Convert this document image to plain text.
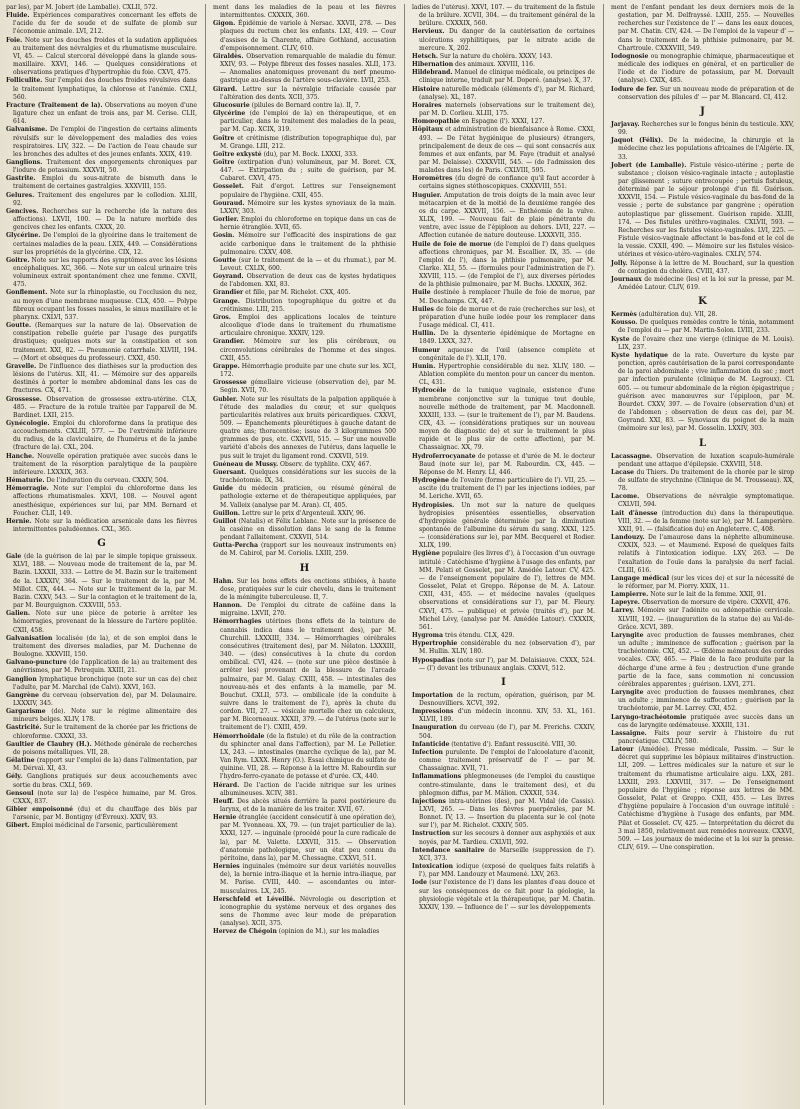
par les), par M. Jobert (de Lamballe). CXLII, 572.

Fluide. Expériences comparatives concernant les effets de l'acide du fer de soude et de sulfate de plomb sur l'économie animale. LVI, 212.

Foie. Note sur les douches froides et la sudation appliquées au traitement des névralgies et du rhumatisme musculaire. VI, 45. — Calcul stercoral développé dans la glande sous-maxillaire. XXVI, 146. — Quelques considérations et observations pratiques d'hypertrophie du foie. CXVI, 475.

Folliculite. Sur l'emploi des douches froides révulsives dans le traitement lymphatique, la chlorose et l'anémie. CXLI, 560.

Fracture (Traitement de la). Observations au moyen d'une ligature chez un enfant de trois ans, par M. Cerise. CLII, 614.

Galvanisme. De l'emploi de l'ingestion de certains aliments révulsifs sur le développement des maladies des voies respiratoires. LIV, 322. — De l'action de l'eau chaude sur les bronches des adultes et des jeunes enfants. XXIX, 419.

Ganglions. Traitement des engorgements chroniques par l'iodure de potassium. XXXVII, 50.

Gastrite. Emploi du sous-nitrate de bismuth dans le traitement de certaines gastralgies. XXXVIII, 155.

Gelures. Traitement des engelures par le collodion. XLIII, 92.

Gencives. Recherches sur la recherche (de la nature des affections). LXVII, 100. — De la nature morbide des gencives chez les enfants. CXXX, 20.

Glycérine. De l'emploi de la glycérine dans le traitement de certaines maladies de la peau. LXIX, 449. — Considérations sur les propriétés de la glycérine. CIX, 12.

Goitre. Note sur les rapports des symptômes avec les lésions encéphaliques. XC, 366. — Note sur un calcul urinaire très volumineux extrait spontanément chez une femme. CXVII, 475.

Gonflement. Note sur la rhinoplastie, ou l'occlusion du nez, au moyen d'une membrane muqueuse. CLX, 450. — Polype fibreux occupant les fosses nasales, le sinus maxillaire et le pharynx. CXLVI, 537.

Goutte. (Remarques sur la nature de la). Observation de constipation rebelle guérie par l'usage des purgatifs drastiques; quelques mots sur la constipation et son traitement. XXI, 82. — Pneumonie catarrhale. XLVIII, 194. — (Mort et obsèques du professeur). CXXI, 450.

Gravelle. De l'influence des diathèses sur la production des lésions de l'utérus. XII, 41. — Mémoire sur des appareils destinés à porter le membre abdominal dans les cas de fractures. CX, 471.

Grossesse. Observation de grossesse extra-utérine. CLX, 485. — Fracture de la rotule traitée par l'appareil de M. Bardinet. LXII, 215.

Gynécologie. Emploi du chloroforme dans la pratique des accouchements. CXLIII, 577. — De l'extrémité inférieure du radius, de la claviculaire, de l'humérus et de la jambe (fracture de la). CXL, 204.

Hanche. Nouvelle opération pratiquée avec succès dans le traitement de la résorption paralytique de la paupière inférieure. LXXXIX, 363.

Hématurie. De l'induration du cerveau. CXXIV, 504.

Hémorragie. Note sur l'emploi du chloroforme dans les affections rhumatismales. XXVI, 108. — Nouvel agent anesthésique, expériences sur lui, par MM. Bernard et Foucher. CLII, 149.

Hernie. Note sur la médication arsenicale dans les fièvres intermittentes paludéennes. CXL, 365.

G

Gale (de la guérison de la) par le simple topique graisseux. XLVI, 188. — Nouveau mode de traitement de la, par M. Bazin. LXXXII, 333. — Lettre de M. Bazin sur le traitement de la. LXXXIV, 364. — Sur le traitement de la, par M. Millot. CIX, 444. — Note sur le traitement de la, par M. Bazin. CXXV, 543. — Sur la contagion et le traitement de la, par M. Bourguignon. CXXVIII, 553.

Galien. Note sur une pièce de poterie à arrêter les hémorragies, provenant de la blessure de l'artère poplitée. CXII, 458.

Galvanisation localisée (de la), et de son emploi dans le traitement des diverses maladies, par M. Duchenne de Boulogne. XXXVIII, 150.

Galvano-puncture (de l'application de la) au traitement des anévrismes, par M. Petrequin. XXIII, 21.

Ganglion lymphatique bronchique (note sur un cas de) chez l'adulte, par M. Marchal (de Calvi). XXVI, 163.

Gangrène du cerveau (observation de), par M. Delaunaire. LXXXIV, 345.

Gargarisme (de). Note sur le régime alimentaire des mineurs belges. XLIV, 178.

Gastricité. Sur le traitement de la chorée par les frictions de chloroforme. CXXXI, 33.

Gaultier de Claubry (H.). Méthode générale de recherches de poisons métalliques. VII, 28.

Gélatine (rapport sur l'emploi de la) dans l'alimentation, par M. Dérvaï. XI, 43.

Gély. Ganglions pratiqués sur deux accouchements avec sortie du bras. CXLI, 569.

Gensoul (note sur la) de l'espèce humaine, par M. Gros. CXXX, 837.

Gibier empoisonné (du) et du chauffage des blés par l'arsenic, par M. Bontigny (d'Évreux). XXIV, 93.

Gibert. Emploi médicinal de l'arsenic, particulièrement

ment dans les maladies de la peau et les fièvres intermittentes. CXXXIX, 360.

Gigon. Épidémie de variole à Nersac. XXVII, 278. — Des plaques du rectum chez les enfants. LXI, 419. — Cour d'assises de la Charente, affaire Gothland, accusation d'empoisonnement. CLIV, 610.

Giraldès. Observation remarquable de maladie du fémur. XXIV, 93. — Polype fibreux des fosses nasales. XLII, 173. — Anomalies anatomiques provenant du nerf pneumo-gastrique au-dessus de l'artère sous-clavière. LVII, 253.

Girard. Lettre sur la névralgie trifaciale causée par l'altération des dents. XCII, 375.

Glucosurie (pilules de Bernard contre la). II, 7.

Glycérine (de l'emploi de la) en thérapeutique, et en particulier, dans le traitement des maladies de la peau, par M. Cap. XCIX, 319.

Goître et crétinisme (distribution topographique du), par M. Grange. LIII, 212.

Goître exkysté (du), par M. Bock. LXXXI, 333.

Goître (extirpation d'un) volumineux, par M. Boret. CX, 447. — Extirpation du ; suite de guérison, par M. Cabaret. CXVI, 475.

Gosselet. Fait d'ergot. Lettres sur l'enseignement populaire de l'hygiène. CXII, 455.

Gouraud. Mémoire sur les kystes synoviaux de la main. LXXIV, 303.

Gorlier. Emploi du chloroforme en topique dans un cas de hernie étranglée. XVII, 65.

Gosin. Mémoire sur l'efficacité des inspirations de gaz acide carbonique dans le traitement de la phthisie pulmonaire. CXXV, 408.

Goutte (sur le traitement de la — et du rhumat.), par M. Leveut. CXLIX, 600.

Goyrand. Observation de deux cas de kystes hydatiques de l'abdomen. XXI, 83.

Grandier et fille, par M. Richelot. CXX, 405.

Grange. Distribution topographique du goitre et du crétinisme. LIII, 215.

Gros. Emploi des applications locales de teinture alcoolique d'iode dans le traitement du rhumatisme articulaire chronique. XXXIV, 129.

Grandier. Mémoire sur les plis cérébraux, ou circonvolutions cérébrales de l'homme et des singes. CXII, 455.

Grappe. Hémorrhagie produite par une chute sur les. XCI, 172.

Grossesse gémellaire vicieuse (observation de), par M. Segin. XVII, 70.

Gubler. Note sur les résultats de la palpation appliquée à l'étude des maladies du cœur, et sur quelques particularités relatives aux bruits péricardiques. CXXVI, 509. — Épanchements pleurétiques à gauche datant de quatre ans; thoracentèse; issue de 3 kilogrammes 500 grammes de pus, etc. CXXVII, 515. — Sur une nouvelle variété d'abcès des annexes de l'utérus, dans laquelle le pus suit le trajet du ligament rond. CXXVII, 519.

Guéneau de Mussy. Observ. de typhlite. CXV, 467.

Guersant. Quelques considérations sur les succès de la trachéotomie. IX, 34.

Guide du médecin praticien, ou résumé général de pathologie externe et de thérapeutique appliquées, par M. Valleix (analyse par M. Aran). CI, 405.

Guillon. Lettre sur le prix d'Argenteuil. XXIV, 96.

Guillot (Natalis) et Félix Leblanc. Note sur la présence de la caséine en dissolution dans le sang de la femme pendant l'allaitement. CXXVII, 514.

Gutta-Percha (rapport sur les nouveaux instruments en) de M. Cabirol, par M. Coriolis. LXIII, 259.

H

Hahn. Sur les bons effets des onctions stibiées, à haute dose, pratiquées sur le cuir chevelu, dans le traitement de la méningite tuberculeuse. II, 7.

Hannon. De l'emploi du citrate de caféine dans la migraine. LXVII, 270.

Hémorrhagies utérines (bons effets de la teinture de cannabis indica dans le traitement des), par M. Churchill. LXXXIII, 334. — Hémorrhagies cérébrales consécutives (traitement des), par M. Nélaton. LXXXIII, 340. — (des) consécutives à la chute du cordon ombilical. CVI, 424. — (note sur une pièce destinée à arrêter les) provenant de la blessure de l'arcade palmaire, par M. Galay. CXIII, 458. — intestinales des nouveau-nés et des enfants à la mamelle, par M. Bouchut. CXLII, 573. — ombilicale (de la conduite à suivre dans le traitement de l'), après la chute du cordon. VII, 27. — vésicale mortelle chez un calculeux, par M. Bicorneaux. XXXII, 379. — de l'utérus (note sur le traitement de l'). CXIII, 459.

Hémorrhoïdale (de la fistule) et du rôle de la contraction du sphincter anal dans l'affection), par M. Le Pelletier. LX, 243. — intestinales (marche cyclique de la), par M. Van Rym. LXXX. Henry (O.). Essai chimique du sulfate de quinine. VII, 28. — Réponse à la lettre M. Rabourdin sur l'hydro-ferro-cyanate de potasse et d'urée. CX, 440.

Hérard. De l'action de l'acide nitrique sur les urines albumineuses. XCIV, 381.

Heuff. Des abcès situés derrière la paroi postérieure du larynx, et de la manière de les traiter. XVII, 67.

Hernie étranglée (accident consécutif à une opération de), par M. Yvonneau. XX, 79. — (un trajet particulier de la). XXXI, 127. — inguinale (procédé pour la cure radicale de la), par M. Valette. LXXVII, 315. — Observation d'anatomie pathologique, sur un état peu connu du péritoine, dans la), par M. Chessagne. CXXVI, 511.

Hernies inguinales (mémoire sur deux variétés nouvelles de), la hernie intra-iliaque et la hernie intra-iliaque, par M. Parise. CVIII, 440. — ascendantes ou inter-musculaires. LX, 245.

Herschfeld et Léveillé. Névrologie ou description et iconographie du système nerveux et des organes des sens de l'homme avec leur mode de préparation (analyse). XCII, 375.

Hervez de Chégoin (opinion de M.), sur les maladies

ladies de l'utérus). XXVI, 107. — du traitement de la fistule de la brûlure. XCVII, 304. — du traitement général de la brûlure. CXXXIX, 560.

Hervieux. Du danger de la cautérisation de certaines ulcérations syphilitiques, par le nitrate acide de mercure. X, 202.

Hetsch. Sur la nature du choléra. XXXV, 143.

Hibernation des animaux. XXVIII, 116.

Hildebrand. Manuel de clinique médicale, ou principes de clinique interne, traduit par M. Doperé. (analyse). X, 37.

Histoire naturelle médicale (éléments d'), par M. Richard, (analyse). XL, 187.

Horaires maternels (observations sur le traitement de), par M. D. Corlieu. XLIII, 175.

Homœopathie en Espagne (l'). XXXI, 127.

Hôpitaux et administration de bienfaisance à Rome. CXXI, 493. — De l'état hygiénique de plusieurs) étrangers, principalement de deux de ces — qui sont consacrés aux femmes et aux enfants, par M. Faye (traduit et analysé par M. Delaisse). CXXXVIII, 545. — (de l'admission des malades dans les) de Paris. CXLVIII, 595.

Horomètres (du degré de confiance qu'il faut accorder à certains signes stéthoscopiques. CXXXVIII, 551.

Huguier. Amputation de trois doigts de la main avec leur métacarpien et de la moitié de la deuxième rangée des os du carpe. XXXVII, 156. — Enthéomie de la vulve. XLIX, 199. — Nouveau fait de plaie pénétrante du ventre, avec issue de l'épiploon au dehors. LVII, 227. — Affection cutanée de nature douteuse. LXXXVII, 355.

Huile de foie de morue (de l'emploi de l') dans quelques affections chroniques, par M. Escallier. IX, 35. — (de l'emploi de l'), dans la phthisie pulmonaire, par M. Clarke. XLI, 55. — (formules pour l'administration de l'). XXVIII, 115. — (de l'emploi de l'), aux diverses périodes de la phthisie pulmonaire, par M. Buchs. LXXXIX, 362.

Huile destinée à remplacer l'huile de foie de morue, par M. Deschamps. CX, 447.

Huiles de foie de morue et de raie (recherches sur les), et préparation d'une huile iodée pour les remplacer dans l'usage médical. CI, 411.

Hullin. De la dysenterie épidémique de Mortagne en 1849. LXXX, 327.

Humeur aqueuse de l'œil (absence complète et congénitale de l'). XLII, 170.

Hunin. Hypertrophie considérable du nez. XLIV, 180. — Ablation complète du menton pour un cancer du menton. CL, 431.

Hydrocèle de la tunique vaginale, existence d'une membrane conjonctive sur la tunique tout double, nouvelle méthode de traitement, par M. Macdonnell. XXXIII, 133. — (sur le traitement de l'), par M. Baudens. CIX, 43. — (considérations pratiques sur un nouveau moyen de diagnostic de) et sur le traitement le plus rapide et le plus sûr de cette affection), par M. Chassaignac. XX, 79.

Hydroferrocyanate de potasse et d'urée de M. le docteur Baud (note sur le), par M. Rabourdin. CX, 445. — Réponse de M. Henry. LI, 446.

Hydrogène de l'ovaire (forme particulière de l'). VII, 25. — ascite (du traitement de l') par les injections iodées, par M. Leriche. XVII, 65.

Hydropisies. Un mot sur la nature de quelques hydropisies présentées essentielles, observation d'hydropisie générale déterminée par la diminution spontanée de l'albumine du sérum du sang. XXXI, 125. — (considérations sur le), par MM. Becquerel et Rodier. XLIX, 199.

Hygiène populaire (les livres d'), à l'occasion d'un ouvrage intitulé : Catéchisme d'hygiène à l'usage des enfants, par MM. Pelati et Gosselet, par M. Amédée Latour. CV, 425. — de l'enseignement populaire de l'), lettres de MM. Gosselet, Pelat et Greppo. Réponse de M. A. Latour. CXII, 431, 455. — et médecine navales (quelques observations et considérations sur l'), par M. Fleury. CXVI, 475. — publique) et privée (traités d'), par M. Michel Lévy, (analyse par M. Amédée Latour). CXXXIX, 561.

Hygroma très étendu. CLX, 429.

Hypertrophie considérable du nez (observation d'), par M. Hullin. XLIV, 180.

Hypospadias (note sur l'), par M. Delaisiauve. CXXX, 524. — (l') devant les tribunaux anglais. CXXVI, 512.

I

Importation de la rectum, opération, guérison, par M. Desnouvilliers. XCVI, 392.

Impressions d'un médecin inconnu. XIV, 53. XL, 161. XLVII, 189.

Inauguration du cerveau (de l'), par M. Frerichs. CXXIV, 504.

Infanticide (tentative d'). Enfant ressuscité. VIII, 30.

Infection purulente. De l'emploi de l'alcoolature d'aconit, comme traitement préservatif de l' — par M. Chassaignac. XVII, 71.

Inflammations phlegmoneuses (de l'emploi du caustique contre-stimulante, dans le traitement des), et du phlegmon diffus, par M. Mâlion. CXXXII, 534.

Injections intra-utérines (des), par M. Vidal (de Cassis). LXVI, 265. — Dans les fièvres puerpérales, par M. Bonnet. IV, 13. — Insertion du placenta sur le col (note sur l'), par M. Richelot. CXXIV, 505.

Instruction sur les secours à donner aux asphyxiés et aux noyés, par M. Tardieu. CXLVII, 592.

Intendance sanitaire de Marseille (suppression de l'). XCI, 373.

Intoxication iodique (exposé de quelques faits relatifs à l'), par MM. Landouzy et Maumené. LXV, 263.

Iode (sur l'existence de l') dans les plantes d'eau douce et sur les conséquences de ce fait pour la géologie, la physiologie végétale et la thérapeutique, par M. Chatin. XXXIV, 139. — Influence de l' — sur les développements

ment de l'enfant pendant les deux derniers mois de la gestation, par M. Delfrayssé. LXIII, 255. — Nouvelles recherches sur l'existence de l' — dans les eaux douces, par M. Chatin. CIV, 424. — De l'emploi de la vapeur d' — dans le traitement de la phthisie pulmonaire, par M. Chartroule. CXXXVIII, 549.

Iodognosie ou monographie chimique, pharmaceutique et médicale des iodiques en général, et en particulier de l'iode et de l'iodure de potassium, par M. Dorvault (analyse). CXIX, 485.

Iodure de fer. Sur un nouveau mode de préparation et de conservation des pilules d' — par M. Blancard. CI, 412.

J

Jarjavay. Recherches sur le fongus bénin du testicule. XXV, 99.

Jaquot (Félix). De la médecine, la chirurgie et la médecine chez les populations africaines de l'Algérie. IX, 33.

Jobert (de Lamballe). Fistule vésico-utérine ; perte de substance ; cloison vésico-vaginale intacte ; autoplastie par glissement ; suture entrecoupée ; pertuis fistuleux, déterminé par le séjour prolongé d'un fil. Guérison. XXXVII, 154. — Fistule vésico-vaginale du bas-fond de la vessie ; perte de substance par gangrène ; opération autoplastique par glissement. Guérison rapide. XLIII, 174. — Des fistules uréthro-vaginales. CXLVII, 593. — Recherches sur les fistules vésico-vaginales. LVI, 225. — Fistule vésico-vaginale affectant le bas-fond et le col de la vessie. CXXII, 490. — Mémoire sur les fistules vésico-utérines et vésico-utéro-vaginales. CXLIV, 574.

Jolly. Réponse à la lettre de M. Bouchard, sur la question de contagion du choléra. CVIII, 437.

Journaux de médecine (les) et la loi sur la presse, par M. Amédée Latour. CLIV, 619.

K

Kermès (adultération du). VII, 28.

Kousso. De quelques remèdes contre le ténia, notamment de l'emploi du — par M. Martin-Solon. LVIII, 233.

Kyste de l'ovaire chez une vierge (clinique de M. Louis). LIX, 237.

Kyste hydatique de la rate. Ouverture du kyste par ponction, après cautérisation de la paroi correspondante de la paroi abdominale ; vive inflammation du sac ; mort par infection purulente (clinique de M. Legroux). CL 605. — ou tumeur abdominale de la région épigastrique ; guérison avec manœuvres sur l'épiploon, par M. Bourdet. CXXV, 397. — de l'ovaire (observation d'un) et de l'abdomen ; observation de deux cas de), par M. Goyrand. XXI, 83. — Synoviaux du poignet de la main (mémoire sur les), par M. Gosselin. LXXIV, 303.

L

Lacassagne. Observation de luxation scapulo-humérale pendant une attaque d'épilepsie. CXXVIII, 518.

Lacase du Thiers. Du traitement de la chorée par le sirop de sulfate de strychnine (Clinique de M. Trousseau). XX, 78.

Lacome. Observations de névralgie symptomatique. CXLVII, 594.

Lait d'ânesse (introduction du) dans la thérapeutique. VIII, 32. — de la femme (note sur le), par M. Lamperière. XXII, 91. — (falsification du) en Angleterre. C, 408.

Landouzy. De l'amaurose dans la néphrite albumineuse. CXXIX, 523. — et Maumené. Exposé de quelques faits relatifs à l'intoxication iodique. LXV, 263. — De l'exaltation de l'ouïe dans la paralysie du nerf facial. CLIII, 616.

Langage médical (sur les vices de) et sur la nécessité de le réformer, par M. Piorry. XXIX, 11.

Lampierre. Note sur le lait de la femme. XXII, 91.

Lapeyre. Observation de morsure de vipère. CXXVII, 476.

Larrey. Mémoire sur l'adénite ou adénopathie cervicale. XLVIII, 192. — (inauguration de la statue de) au Val-de-Grâce. XCVI, 389.

Laryngite avec production de fausses membranes, chez un adulte ; imminence de suffocation ; guérison par la trachéotomie. CXI, 452. — Œdème mémateux des cordes vocales. CXV, 465. — Plaie de la face produite par la décharge d'une arme à feu ; destruction d'une grande partie de la face, sans commotion ni concussion cérébrales apparentes ; guérison. LXVI, 271.

Laryngite avec production de fausses membranes, chez un adulte ; imminence de suffocation ; guérison par la trachéotomie, par M. Larrey. CXI, 452.

Laryngo-trachéotomie pratiquée avec succès dans un cas de laryngite œdémateuse. XXXIII, 131.

Lassaigne. Faits pour servir à l'histoire du rut pancréatique. CXLIV, 580.

Latour (Amédée). Presse médicale, Passim. — Sur le décret qui supprime les bôpiaux militaires d'instruction. LII, 209. — Lettres médicales sur la nature et sur le traitement du rhumatisme articulaire aigu. LXX, 281. LXXIII, 293. LXXVIII, 317. — De l'enseignement populaire de l'hygiène ; réponse aux lettres de MM. Gosselet, Pelat et Greppo. CXII, 455. — Les livres d'hygiène populaire à l'occasion d'un ouvrage intitulé : Catéchisme d'hygiène à l'usage des enfants, par MM. Pilat et Gosselet. CV, 425. — Interprétation du décret du 3 mai 1850, relativement aux remèdes nouveaux. CXXVI, 509. — Les journaux de médecine et la loi sur la presse. CLIV, 619. — Une conspiration.
